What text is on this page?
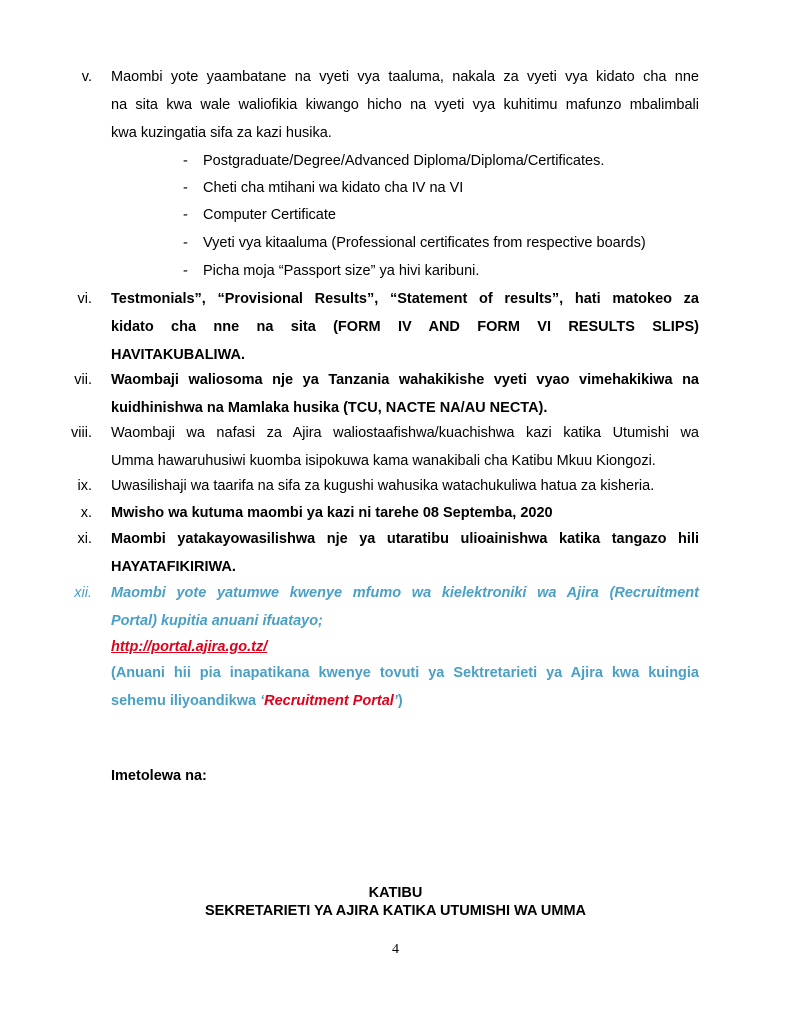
v. Maombi yote yaambatane na vyeti vya taaluma, nakala za vyeti vya kidato cha nne
na sita kwa wale waliofikia kiwango hicho na vyeti vya kuhitimu mafunzo mbalimbali
kwa kuzingatia sifa za kazi husika.
- Postgraduate/Degree/Advanced Diploma/Diploma/Certificates.
- Cheti cha mtihani wa kidato cha IV na VI
- Computer Certificate
- Vyeti vya kitaaluma (Professional certificates from respective boards)
- Picha moja “Passport size” ya hivi karibuni.
vi. Testmonials”, “Provisional Results”, “Statement of results”, hati matokeo za
kidato cha nne na sita (FORM IV AND FORM VI RESULTS SLIPS)
HAVITAKUBALIWA.
vii. Waombaji waliosoma nje ya Tanzania wahakikishe vyeti vyao vimehakikiwa na
kuidhinishwa na Mamlaka husika (TCU, NACTE NA/AU NECTA).
viii. Waombaji wa nafasi za Ajira waliostaafishwa/kuachishwa kazi katika Utumishi wa
Umma hawaruhusiwi kuomba isipokuwa kama wanakibali cha Katibu Mkuu Kiongozi.
ix. Uwasilishaji wa taarifa na sifa za kugushi wahusika watachukuliwa hatua za kisheria.
x. Mwisho wa kutuma maombi ya kazi ni tarehe 08 Septemba, 2020
xi. Maombi yatakayowasilishwa nje ya utaratibu ulioainishwa katika tangazo hili
HAYATAFIKIRIWA.
xii. Maombi yote yatumwe kwenye mfumo wa kielektroniki wa Ajira (Recruitment
Portal) kupitia anuani ifuatayo;
http://portal.ajira.go.tz/
(Anuani hii pia inapatikana kwenye tovuti ya Sektretarieti ya Ajira kwa kuingia
sehemu iliyoandikwa ‘Recruitment Portal’)
Imetolewa na:
KATIBU
SEKRETARIETI YA AJIRA KATIKA UTUMISHI WA UMMA
4
